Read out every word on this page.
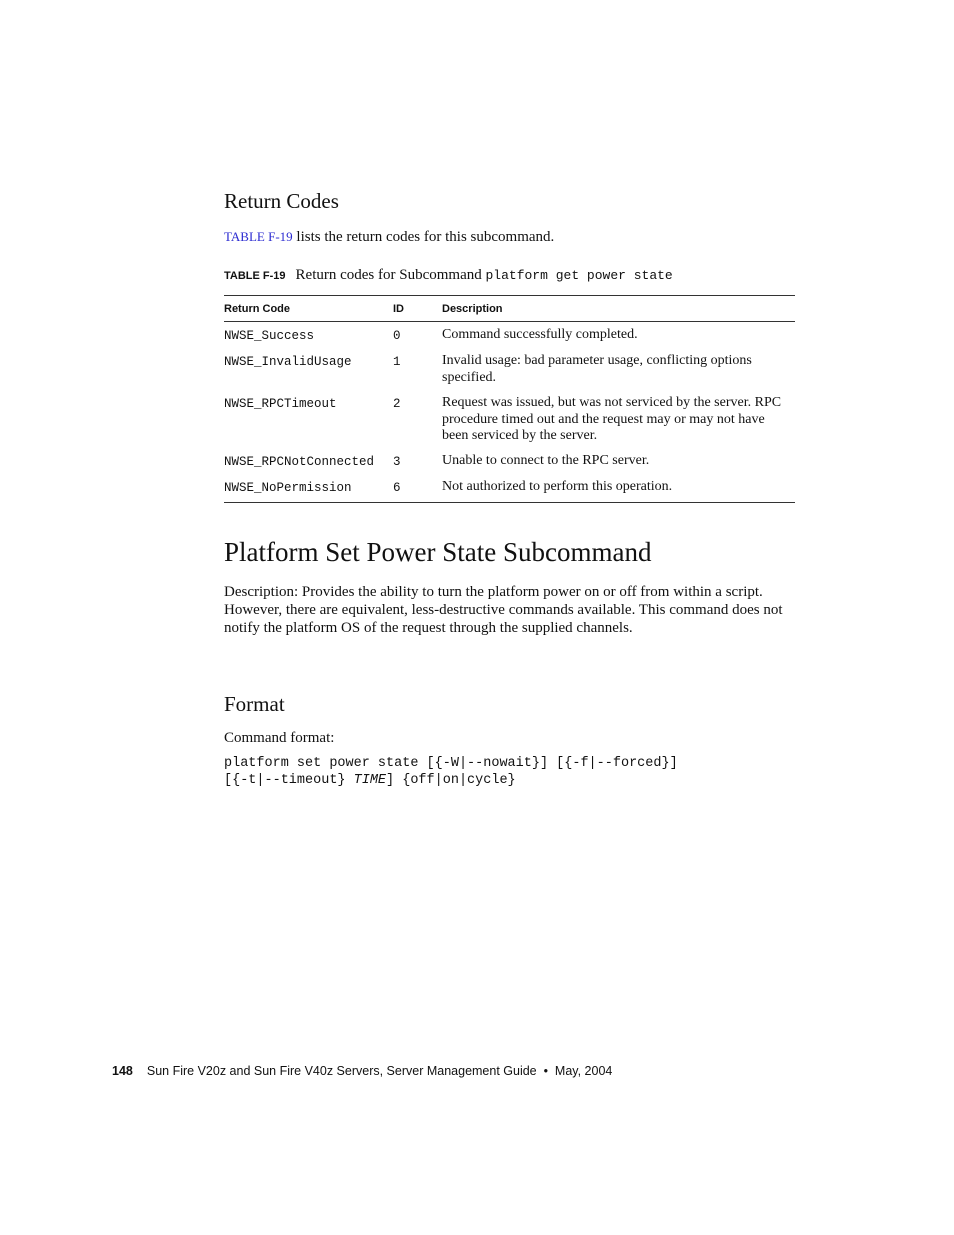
Return Codes
TABLE F-19 lists the return codes for this subcommand.
TABLE F-19 Return codes for Subcommand platform get power state
Return Code	ID	Description
NWSE_Success	0	Command successfully completed.
NWSE_InvalidUsage	1	Invalid usage: bad parameter usage, conflicting options specified.
NWSE_RPCTimeout	2	Request was issued, but was not serviced by the server. RPC procedure timed out and the request may or may not have been serviced by the server.
NWSE_RPCNotConnected 3	Unable to connect to the RPC server.
NWSE_NoPermission	6	Not authorized to perform this operation.
Platform Set Power State Subcommand

Description: Provides the ability to turn the platform power on or off from within a script. However, there are equivalent, less-destructive commands available. This command does not notify the platform OS of the request through the supplied channels.

Format
Command format:
platform set power state [{-W|--nowait}] [{-f|--forced}]
[{-t|--timeout} TIME] {off|on|cycle}
148 Sun Fire V20z and Sun Fire V40z Servers, Server Management Guide  •  May, 2004
